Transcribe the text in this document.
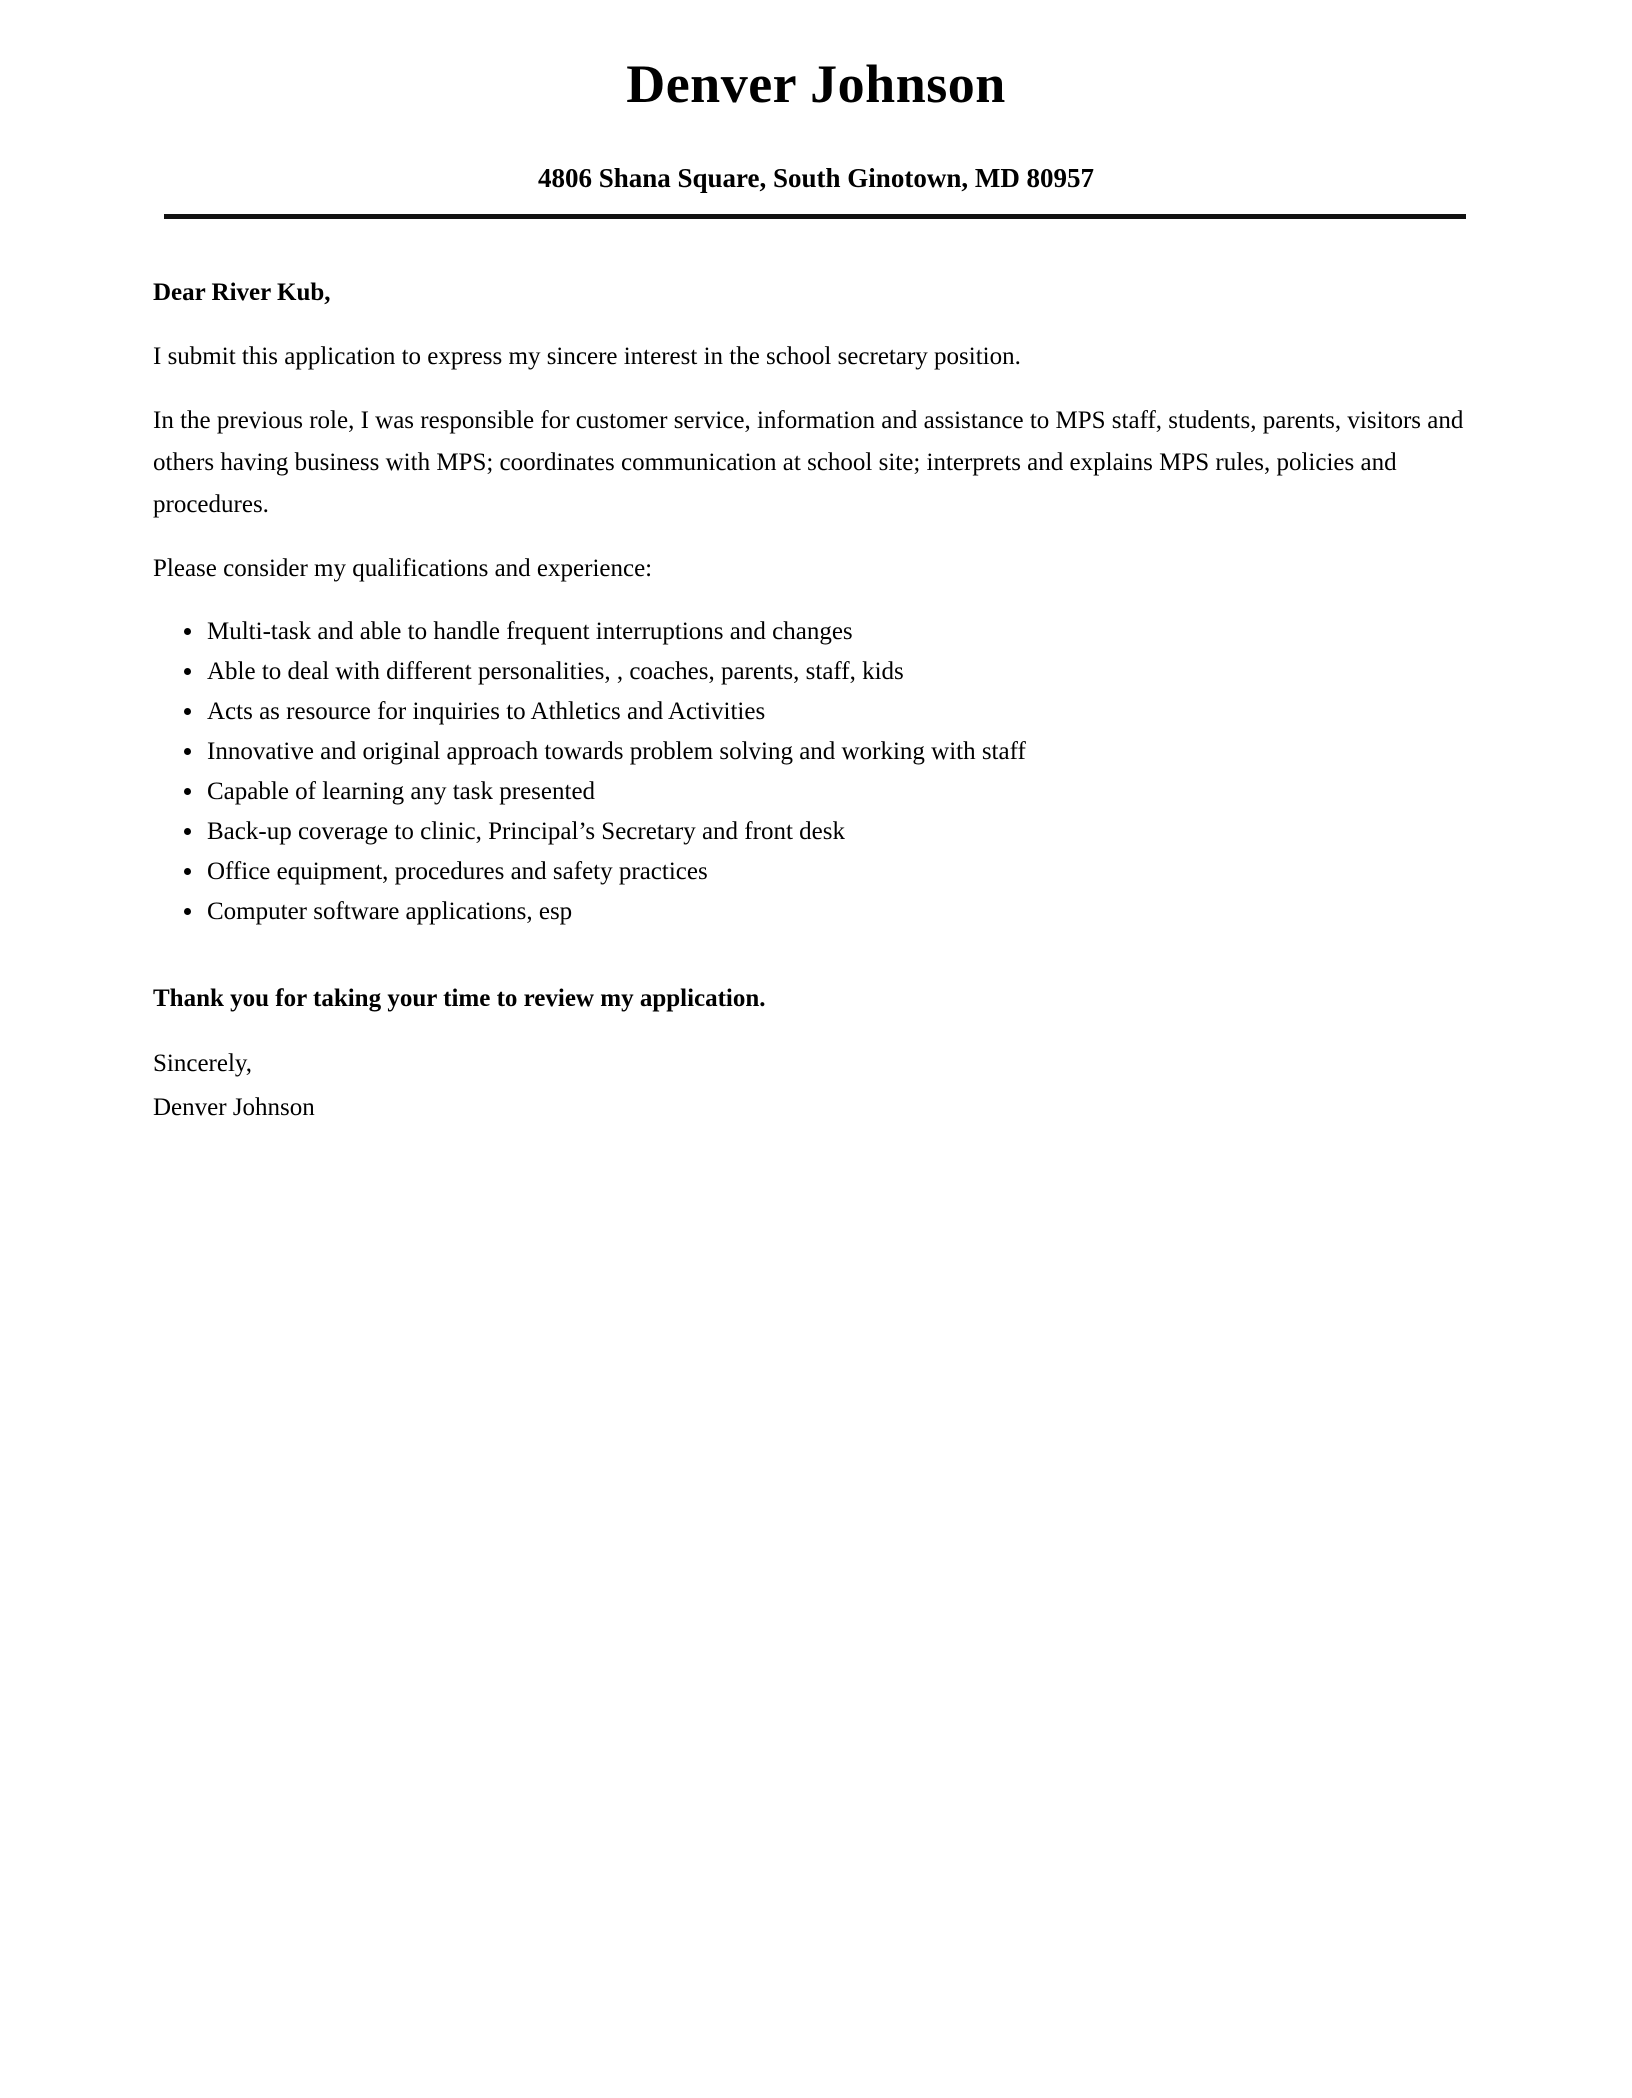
Denver Johnson
4806 Shana Square, South Ginotown, MD 80957

Dear River Kub,

I submit this application to express my sincere interest in the school secretary position.

In the previous role, I was responsible for customer service, information and assistance to MPS staff, students, parents, visitors and others having business with MPS; coordinates communication at school site; interprets and explains MPS rules, policies and procedures.

Please consider my qualifications and experience:

• Multi-task and able to handle frequent interruptions and changes
• Able to deal with different personalities, , coaches, parents, staff, kids
• Acts as resource for inquiries to Athletics and Activities
• Innovative and original approach towards problem solving and working with staff
• Capable of learning any task presented
• Back-up coverage to clinic, Principal’s Secretary and front desk
• Office equipment, procedures and safety practices
• Computer software applications, esp

Thank you for taking your time to review my application.

Sincerely,
Denver Johnson
